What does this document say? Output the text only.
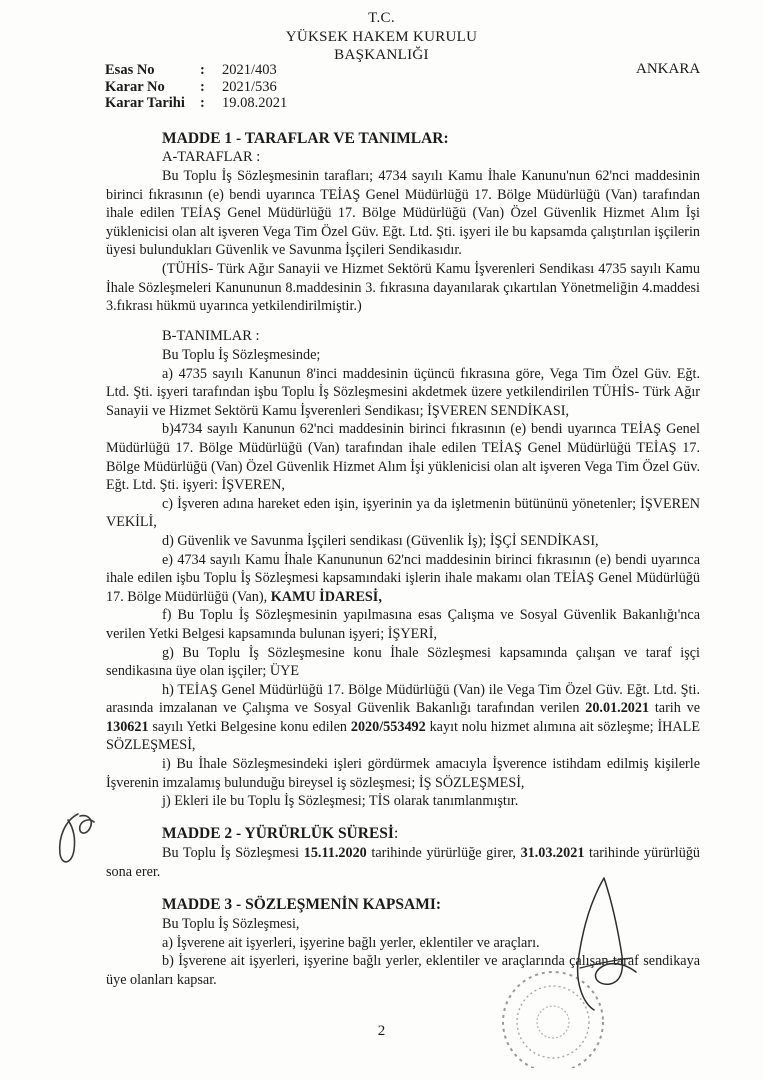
T.C.
YÜKSEK HAKEM KURULU
BAŞKANLIĞI
Esas No	:	2021/403
Karar No	:	2021/536
Karar Tarihi	:	19.08.2021
ANKARA
MADDE 1 - TARAFLAR VE TANIMLAR:
A-TARAFLAR :

Bu Toplu İş Sözleşmesinin tarafları; 4734 sayılı Kamu İhale Kanunu'nun 62'nci maddesinin birinci fıkrasının (e) bendi uyarınca TEİAŞ Genel Müdürlüğü 17. Bölge Müdürlüğü (Van) tarafından ihale edilen TEİAŞ Genel Müdürlüğü 17. Bölge Müdürlüğü (Van) Özel Güvenlik Hizmet Alım İşi yüklenicisi olan alt işveren Vega Tim Özel Güv. Eğt. Ltd. Şti. işyeri ile bu kapsamda çalıştırılan işçilerin üyesi bulundukları Güvenlik ve Savunma İşçileri Sendikasıdır.

(TÜHİS- Türk Ağır Sanayii ve Hizmet Sektörü Kamu İşverenleri Sendikası 4735 sayılı Kamu İhale Sözleşmeleri Kanununun 8.maddesinin 3. fıkrasına dayanılarak çıkartılan Yönetmeliğin 4.maddesi 3.fıkrası hükmü uyarınca yetkilendirilmiştir.)

B-TANIMLAR :

Bu Toplu İş Sözleşmesinde;

a) 4735 sayılı Kanunun 8'inci maddesinin üçüncü fıkrasına göre, Vega Tim Özel Güv. Eğt. Ltd. Şti. işyeri tarafından işbu Toplu İş Sözleşmesini akdetmek üzere yetkilendirilen TÜHİS- Türk Ağır Sanayii ve Hizmet Sektörü Kamu İşverenleri Sendikası; İŞVEREN SENDİKASI,

b)4734 sayılı Kanunun 62'nci maddesinin birinci fıkrasının (e) bendi uyarınca TEİAŞ Genel Müdürlüğü 17. Bölge Müdürlüğü (Van) tarafından ihale edilen TEİAŞ Genel Müdürlüğü TEİAŞ 17. Bölge Müdürlüğü (Van) Özel Güvenlik Hizmet Alım İşi yüklenicisi olan alt işveren Vega Tim Özel Güv. Eğt. Ltd. Şti. işyeri: İŞVEREN,

c) İşveren adına hareket eden işin, işyerinin ya da işletmenin bütününü yönetenler; İŞVEREN VEKİLİ,

d) Güvenlik ve Savunma İşçileri sendikası (Güvenlik İş); İŞÇİ SENDİKASI,

e) 4734 sayılı Kamu İhale Kanununun 62'nci maddesinin birinci fıkrasının (e) bendi uyarınca ihale edilen işbu Toplu İş Sözleşmesi kapsamındaki işlerin ihale makamı olan TEİAŞ Genel Müdürlüğü 17. Bölge Müdürlüğü (Van), KAMU İDARESİ,

f) Bu Toplu İş Sözleşmesinin yapılmasına esas Çalışma ve Sosyal Güvenlik Bakanlığı'nca verilen Yetki Belgesi kapsamında bulunan işyeri; İŞYERİ,

g) Bu Toplu İş Sözleşmesine konu İhale Sözleşmesi kapsamında çalışan ve taraf işçi sendikasına üye olan işçiler; ÜYE

h) TEİAŞ Genel Müdürlüğü 17. Bölge Müdürlüğü (Van) ile Vega Tim Özel Güv. Eğt. Ltd. Şti. arasında imzalanan ve Çalışma ve Sosyal Güvenlik Bakanlığı tarafından verilen 20.01.2021 tarih ve 130621 sayılı Yetki Belgesine konu edilen 2020/553492 kayıt nolu hizmet alımına ait sözleşme; İHALE SÖZLEŞMESİ,

i) Bu İhale Sözleşmesindeki işleri gördürmek amacıyla İşverence istihdam edilmiş kişilerle İşverenin imzalamış bulunduğu bireysel iş sözleşmesi; İŞ SÖZLEŞMESİ,

j) Ekleri ile bu Toplu İş Sözleşmesi; TİS olarak tanımlanmıştır.

MADDE 2 - YÜRÜRLÜK SÜRESİ:

Bu Toplu İş Sözleşmesi 15.11.2020 tarihinde yürürlüğe girer, 31.03.2021 tarihinde yürürlüğü sona erer.

MADDE 3 - SÖZLEŞMENİN KAPSAMI:

Bu Toplu İş Sözleşmesi,

a) İşverene ait işyerleri, işyerine bağlı yerler, eklentiler ve araçları.

b) İşverene ait işyerleri, işyerine bağlı yerler, eklentiler ve araçlarında çalışan taraf sendikaya üye olanları kapsar.

2
